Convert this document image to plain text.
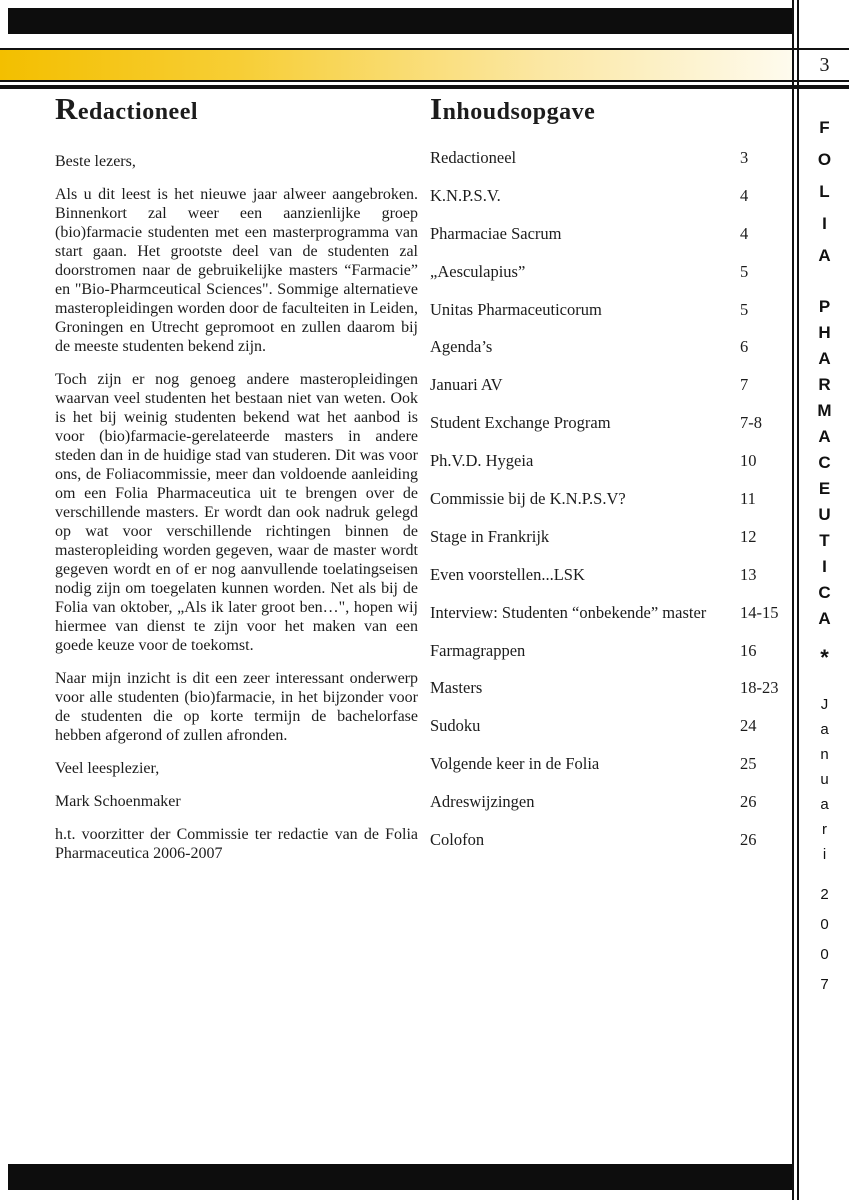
3
F
O
L
I
A
P
H
A
R
M
A
C
E
U
T
I
C
A
*
J
a
n
u
a
r
i
2
0
0
7
Redactioneel
Beste lezers,
Als u dit leest is het nieuwe jaar alweer aangebroken. Binnenkort zal weer een aanzienlijke groep (bio)farmacie studenten met een masterprogramma van start gaan. Het grootste deel van de studenten zal doorstromen naar de gebruikelijke masters “Farmacie” en "Bio-Pharmceutical Sciences". Sommige alternatieve masteropleidingen worden door de faculteiten in Leiden, Groningen en Utrecht gepromoot en zullen daarom bij de meeste studenten bekend zijn.
Toch zijn er nog genoeg andere masteropleidingen waarvan veel studenten het bestaan niet van weten. Ook is het bij weinig studenten bekend wat het aanbod is voor (bio)farmacie-gerelateerde masters in andere steden dan in de huidige stad van studeren. Dit was voor ons, de Foliacommissie, meer dan voldoende aanleiding om een Folia Pharmaceutica uit te brengen over de verschillende masters. Er wordt dan ook nadruk gelegd op wat voor verschillende richtingen binnen de masteropleiding worden gegeven, waar de master wordt gegeven wordt en of er nog aanvullende toelatingseisen nodig zijn om toegelaten kunnen worden. Net als bij de Folia van oktober, „Als ik later groot ben…", hopen wij hiermee van dienst te zijn voor het maken van een goede keuze voor de toekomst.
Naar mijn inzicht is dit een zeer interessant onderwerp voor alle studenten (bio)farmacie, in het bijzonder voor de studenten die op korte termijn de bachelorfase hebben afgerond of zullen afronden.
Veel leesplezier,
Mark Schoenmaker
h.t. voorzitter der Commissie ter redactie van de Folia Pharmaceutica 2006-2007
Inhoudsopgave
Redactioneel	3
K.N.P.S.V.	4
Pharmaciae Sacrum	4
„Aesculapius”	5
Unitas Pharmaceuticorum	5
Agenda’s	6
Januari AV	7
Student Exchange Program	7-8
Ph.V.D. Hygeia	10
Commissie bij de K.N.P.S.V?	11
Stage in Frankrijk	12
Even voorstellen...LSK	13
Interview: Studenten “onbekende” master 14-15
Farmagrappen	16
Masters	18-23
Sudoku	24
Volgende keer in de Folia	25
Adreswijzingen	26
Colofon	26
